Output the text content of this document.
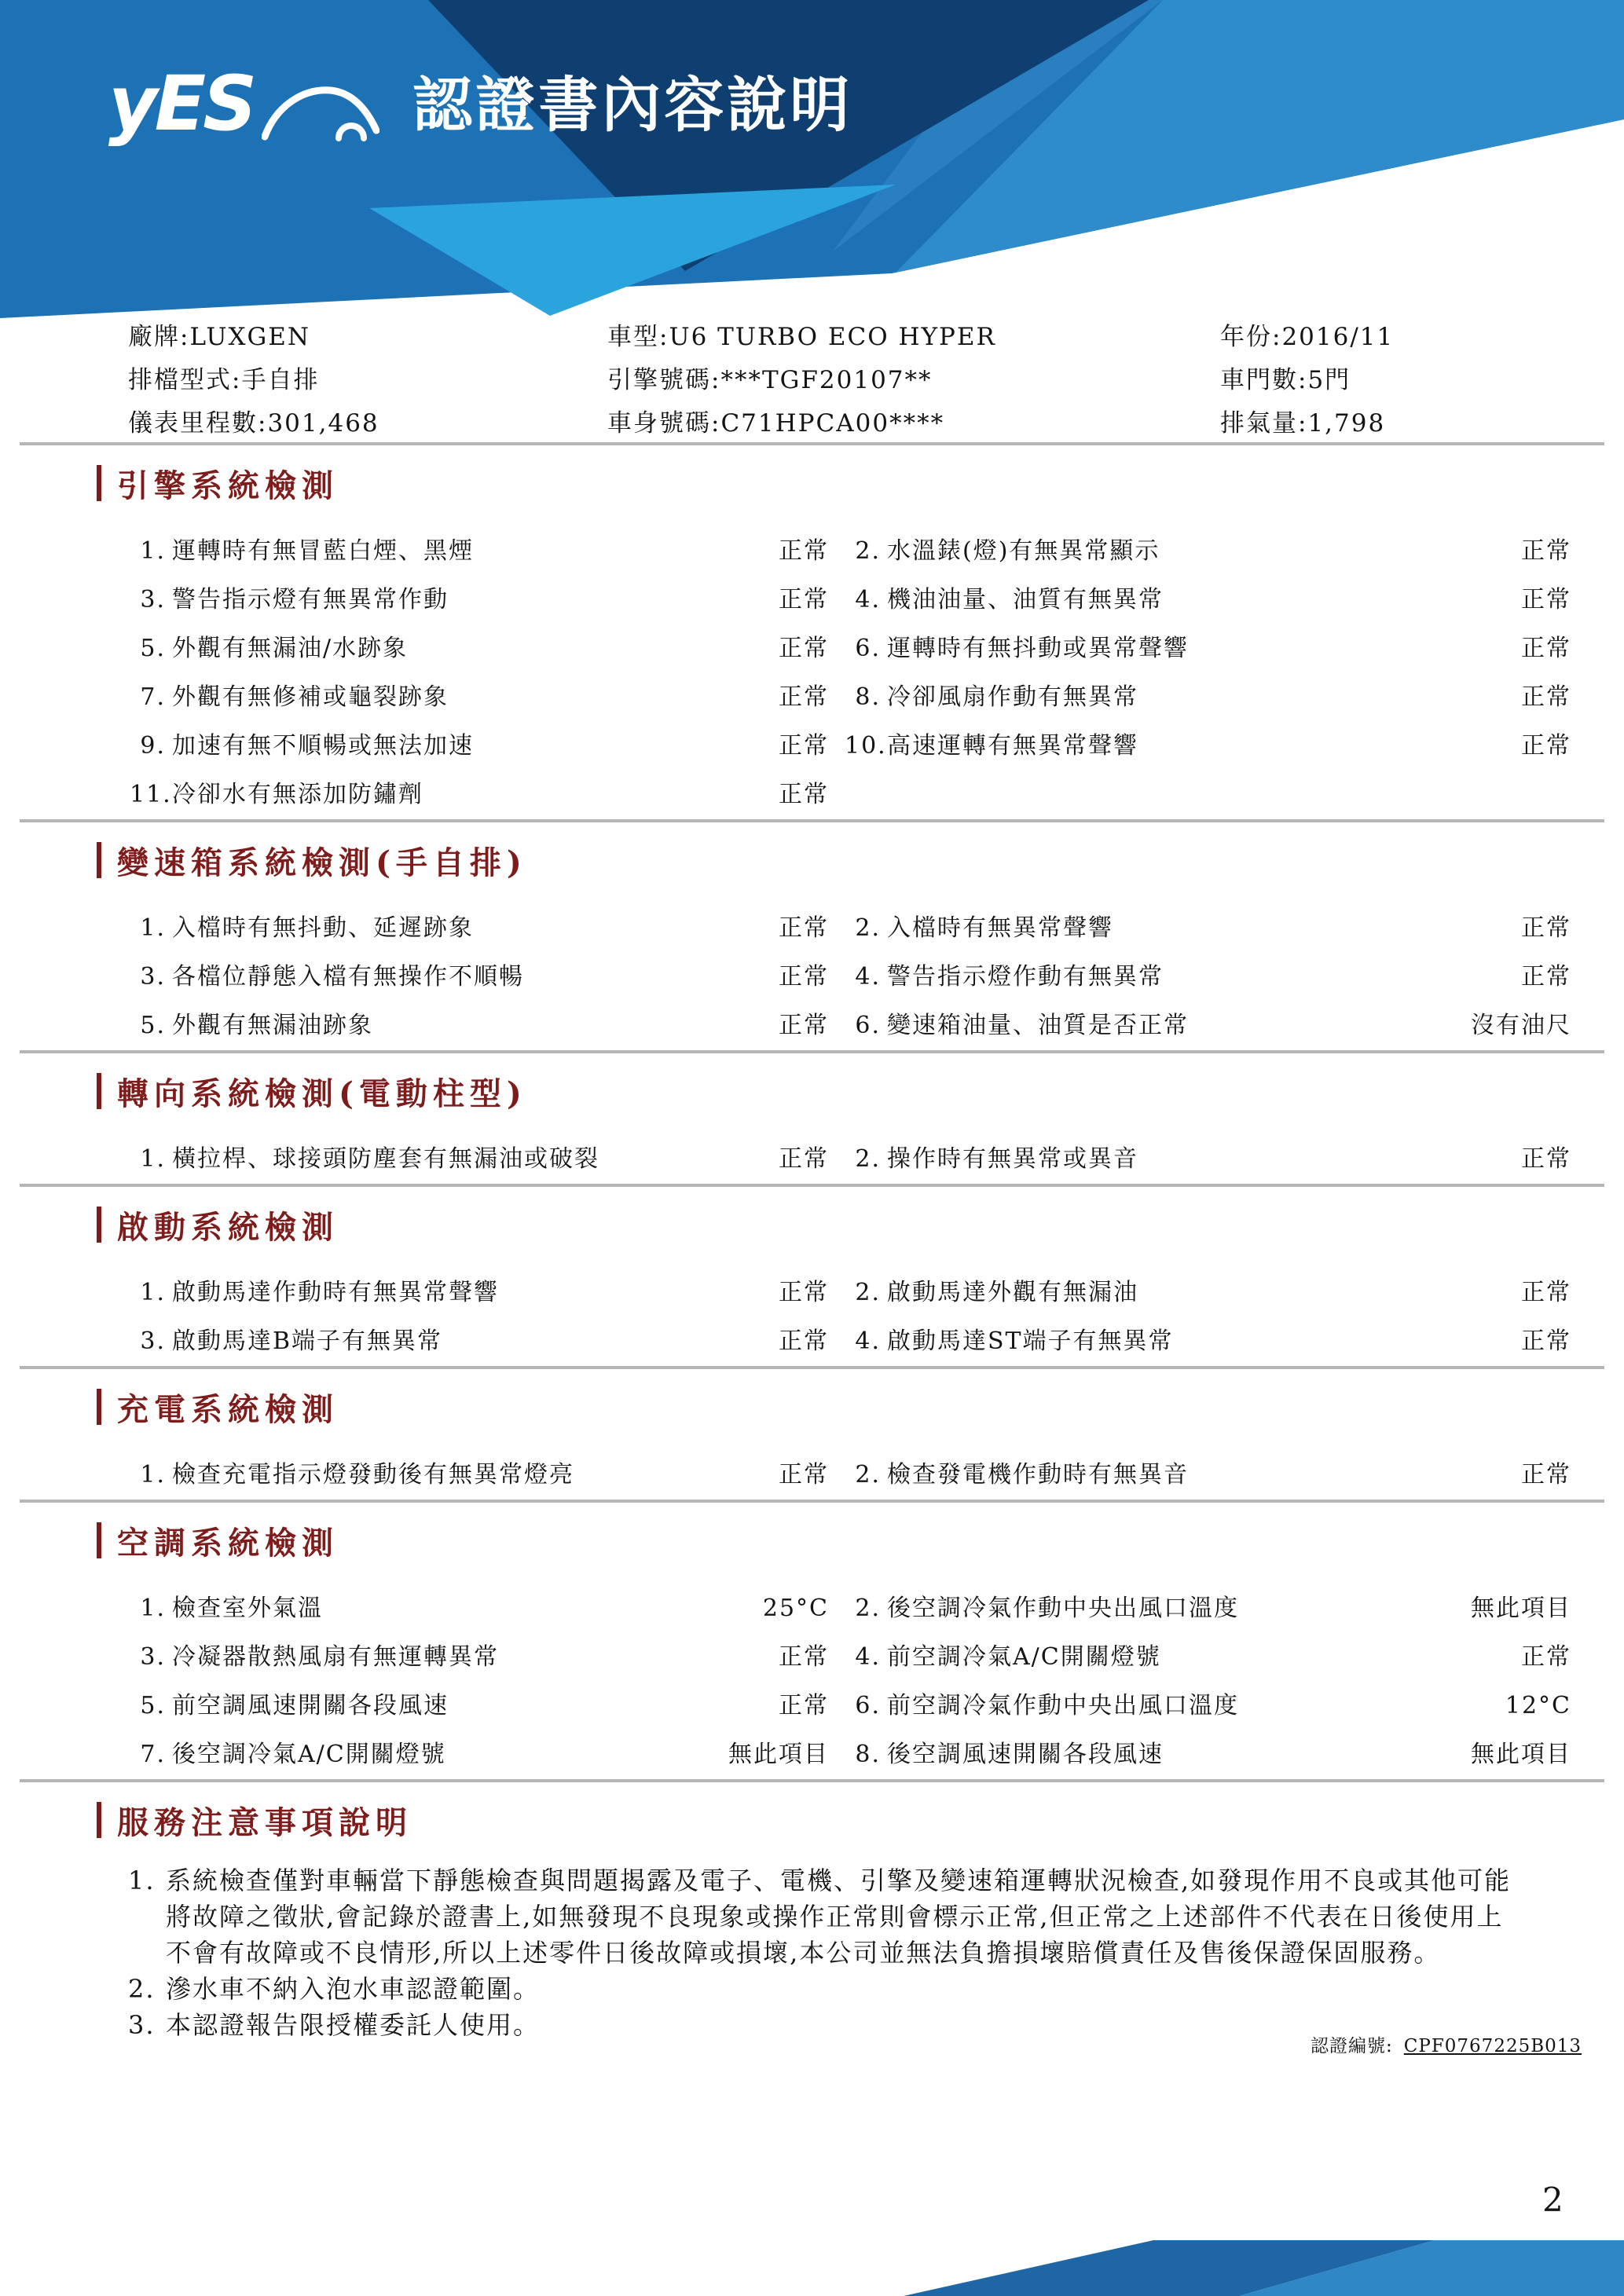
yES	認證書內容說明
廠牌:LUXGEN	車型:U6 TURBO ECO HYPER	年份:2016/11
排檔型式:手自排	引擎號碼:***TGF20107**	車門數:5門
儀表里程數:301,468	車身號碼:C71HPCA00****	排氣量:1,798
引擎系統檢測
1. 運轉時有無冒藍白煙、黑煙	正常	2. 水溫錶(燈)有無異常顯示	正常
3. 警告指示燈有無異常作動	正常	4. 機油油量、油質有無異常	正常
5. 外觀有無漏油/水跡象	正常	6. 運轉時有無抖動或異常聲響	正常
7. 外觀有無修補或龜裂跡象	正常	8. 冷卻風扇作動有無異常	正常
9. 加速有無不順暢或無法加速	正常 10. 高速運轉有無異常聲響	正常
11. 冷卻水有無添加防鏽劑	正常
變速箱系統檢測(手自排)
1. 入檔時有無抖動、延遲跡象	正常	2. 入檔時有無異常聲響	正常
3. 各檔位靜態入檔有無操作不順暢	正常	4. 警告指示燈作動有無異常	正常
5. 外觀有無漏油跡象	正常	6. 變速箱油量、油質是否正常	沒有油尺
轉向系統檢測(電動柱型)
1. 橫拉桿、球接頭防塵套有無漏油或破裂	正常	2. 操作時有無異常或異音	正常
啟動系統檢測
1. 啟動馬達作動時有無異常聲響	正常	2. 啟動馬達外觀有無漏油	正常
3. 啟動馬達B端子有無異常	正常	4. 啟動馬達ST端子有無異常	正常
充電系統檢測
1. 檢查充電指示燈發動後有無異常燈亮	正常	2. 檢查發電機作動時有無異音	正常
空調系統檢測
1. 檢查室外氣溫	25°C	2. 後空調冷氣作動中央出風口溫度	無此項目
3. 冷凝器散熱風扇有無運轉異常	正常	4. 前空調冷氣A/C開關燈號	正常
5. 前空調風速開關各段風速	正常	6. 前空調冷氣作動中央出風口溫度	12°C
7. 後空調冷氣A/C開關燈號	無此項目	8. 後空調風速開關各段風速	無此項目
服務注意事項說明
1. 系統檢查僅對車輛當下靜態檢查與問題揭露及電子、電機、引擎及變速箱運轉狀況檢查,如發現作用不良或其他可能
將故障之徵狀,會記錄於證書上,如無發現不良現象或操作正常則會標示正常,但正常之上述部件不代表在日後使用上
不會有故障或不良情形,所以上述零件日後故障或損壞,本公司並無法負擔損壞賠償責任及售後保證保固服務。
2. 滲水車不納入泡水車認證範圍。
3. 本認證報告限授權委託人使用。
認證編號: CPF0767225B013
2
